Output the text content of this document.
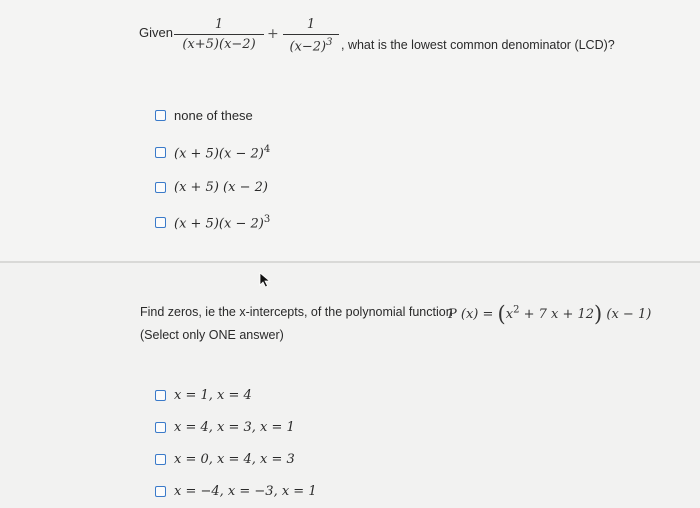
Given
1
(x+5)(x−2)
+
1
$(x-2)^3$ , what is the lowest common denominator (LCD)?
none of these
$(x + 5)(x - 2)^4$
(x + 5) (x − 2)
$(x + 5)(x - 2)^3$
Find zeros, ie the x-intercepts, of the polynomial function
P $(x) = (x^2 + 7$ x + 12) (x − 1)
(Select only ONE answer)
x = 1, x = 4
x = 4, x = 3, x = 1
x = 0, x = 4, x = 3
x = −4, x = −3, x = 1
